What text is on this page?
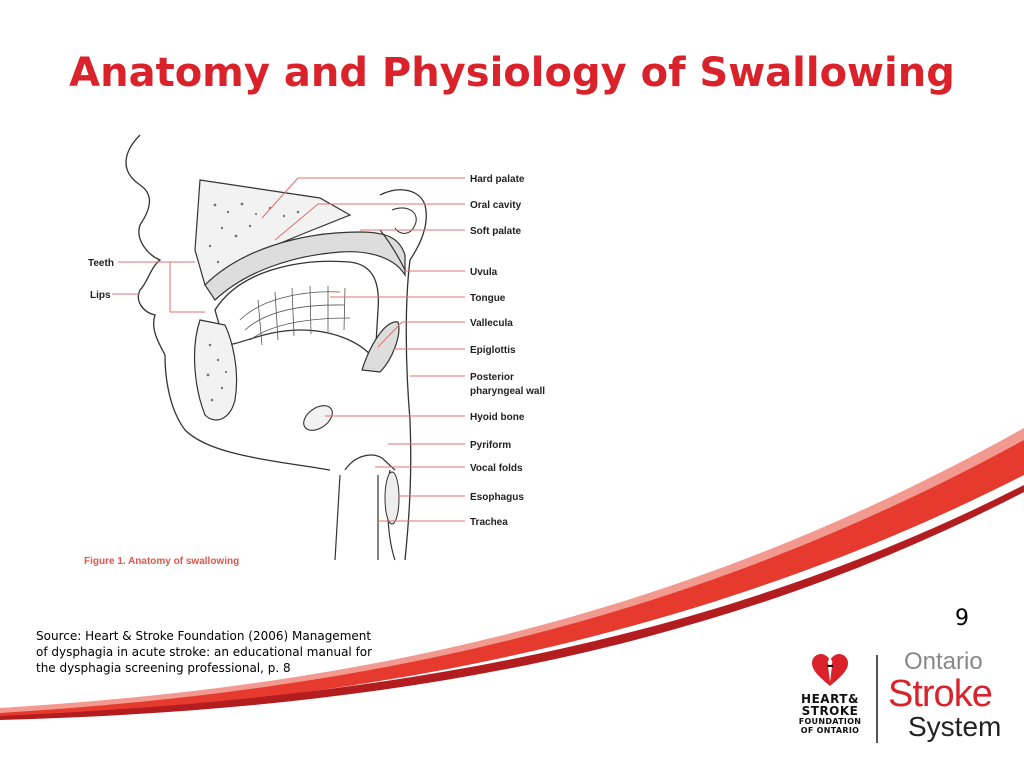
Anatomy and Physiology of Swallowing
Teeth
Lips
Hard palate
Oral cavity
Soft palate
Uvula
Tongue
Vallecula
Epiglottis
Posterior
pharyngeal wall
Hyoid bone
Pyriform
Vocal folds
Esophagus
Trachea
Figure 1. Anatomy of swallowing
9
Source: Heart & Stroke Foundation (2006) Management
of dysphagia in acute stroke: an educational manual for
the dysphagia screening professional, p. 8
HEART&
STROKE
FOUNDATION
OF ONTARIO
Ontario
Stroke
System
